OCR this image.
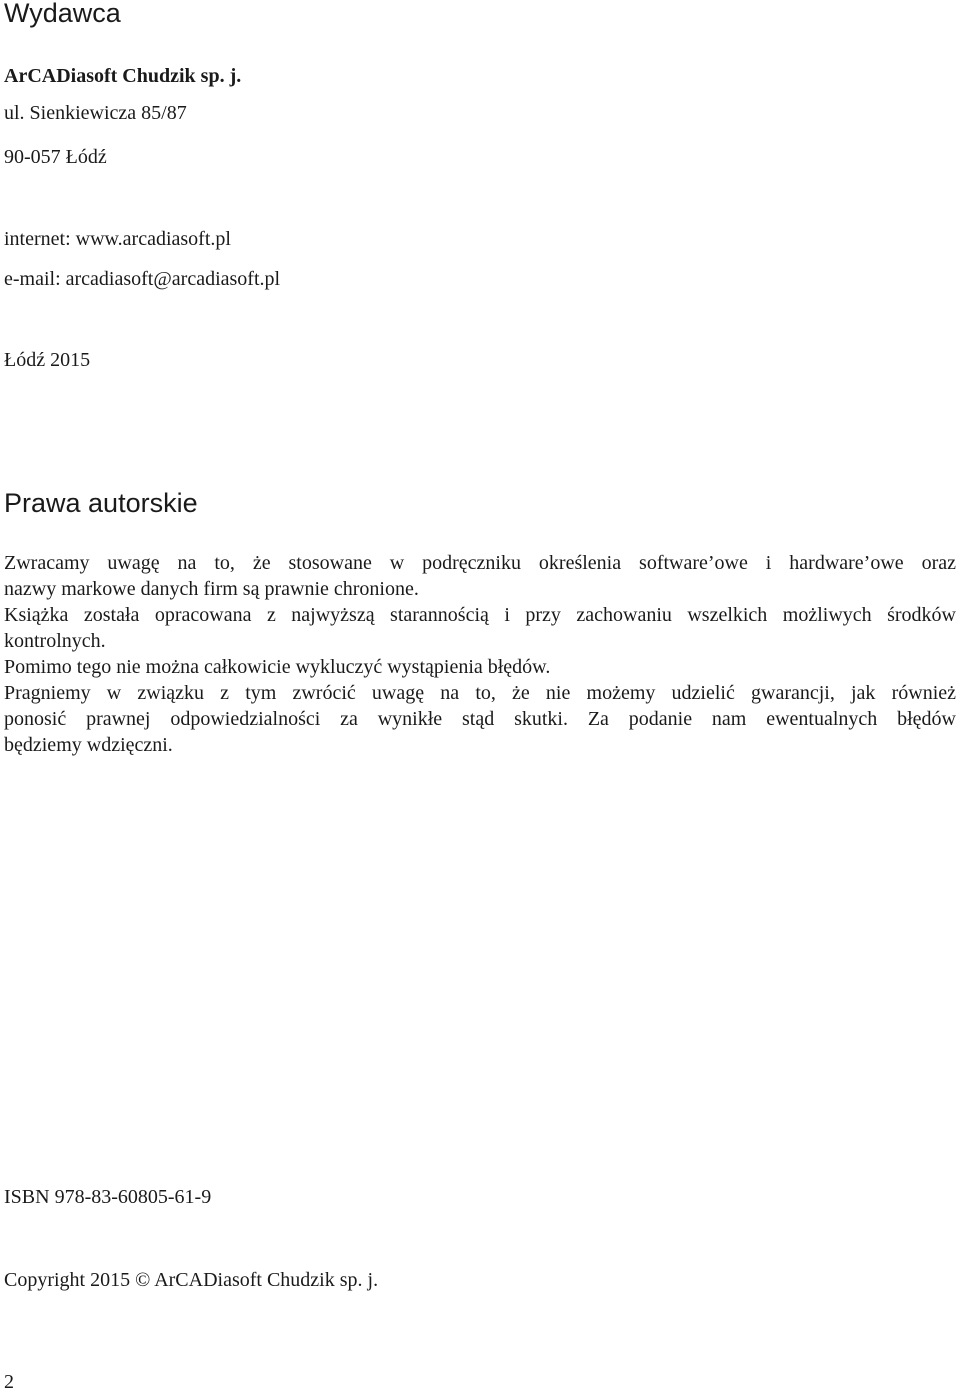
Wydawca
ArCADiasoft Chudzik sp. j.
ul. Sienkiewicza 85/87
90-057 Łódź
internet: www.arcadiasoft.pl
e-mail: arcadiasoft@arcadiasoft.pl
Łódź 2015
Prawa autorskie
Zwracamy uwagę na to, że stosowane w podręczniku określenia software’owe i hardware’owe oraz
nazwy markowe danych firm są prawnie chronione.
Książka została opracowana z najwyższą starannością i przy zachowaniu wszelkich możliwych środków
kontrolnych.
Pomimo tego nie można całkowicie wykluczyć wystąpienia błędów.
Pragniemy w związku z tym zwrócić uwagę na to, że nie możemy udzielić gwarancji, jak również
ponosić prawnej odpowiedzialności za wynikłe stąd skutki. Za podanie nam ewentualnych błędów
będziemy wdzięczni.
ISBN 978-83-60805-61-9
Copyright 2015 © ArCADiasoft Chudzik sp. j.
2
